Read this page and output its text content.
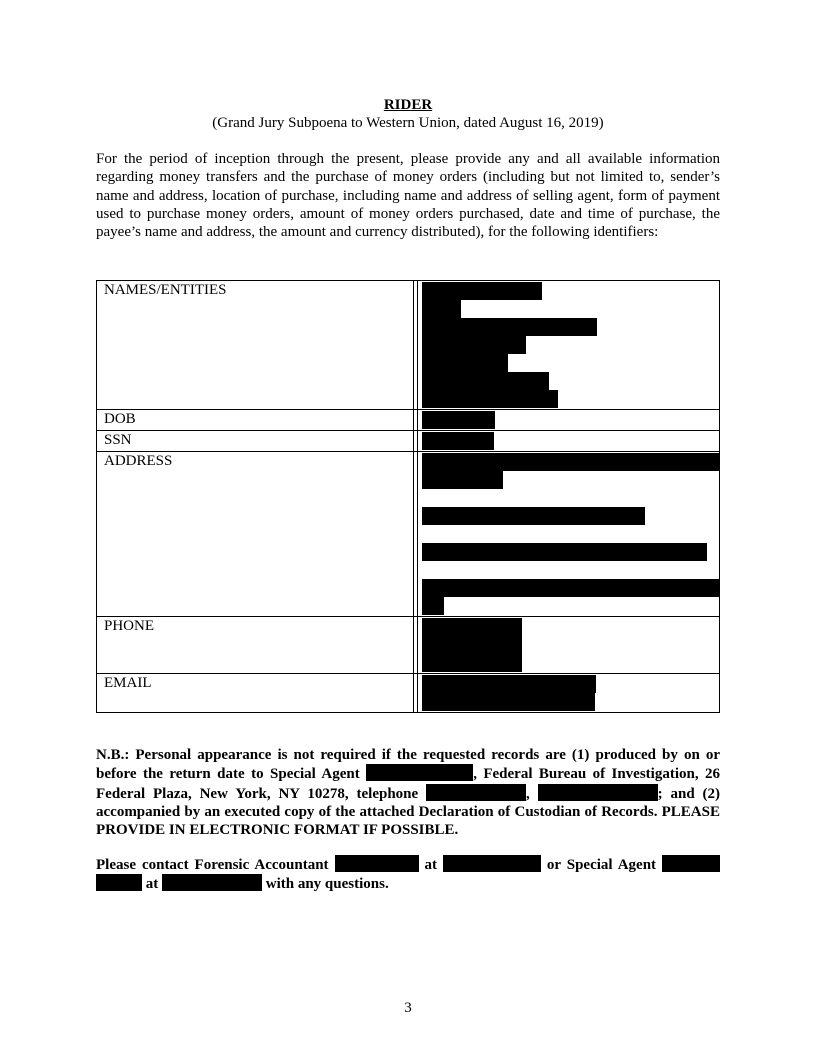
RIDER
(Grand Jury Subpoena to Western Union, dated August 16, 2019)
For the period of inception through the present, please provide any and all available information regarding money transfers and the purchase of money orders (including but not limited to, sender’s name and address, location of purchase, including name and address of selling agent, form of payment used to purchase money orders, amount of money orders purchased, date and time of purchase, the payee’s name and address, the amount and currency distributed), for the following identifiers:
NAMES/ENTITIES		

DOB		

SSN		

ADDRESS		

PHONE		

EMAIL		
N.B.: Personal appearance is not required if the requested records are (1) produced by on or before the return date to Special Agent	, Federal Bureau of Investigation, 26 Federal Plaza, New York, NY 10278, telephone	,	; and (2) accompanied by an executed copy of the attached Declaration of Custodian of Records. PLEASE PROVIDE IN ELECTRONIC FORMAT IF POSSIBLE.
Please contact Forensic Accountant	at	or Special Agent   at	with any questions.
3
